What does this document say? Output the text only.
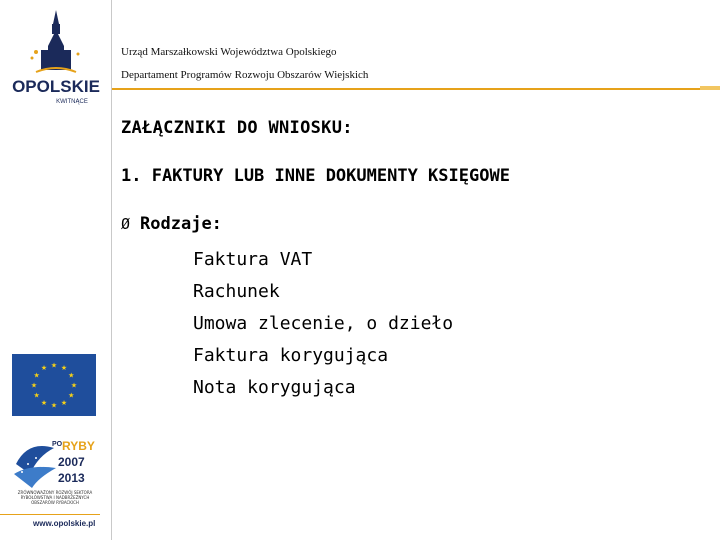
OPOLSKIE
KWITNĄCE
Urząd Marszałkowski Województwa Opolskiego
Departament Programów Rozwoju Obszarów Wiejskich
ZAŁĄCZNIKI DO WNIOSKU:
1. FAKTURY LUB INNE DOKUMENTY KSIĘGOWE
Ø Rodzaje:
Faktura VAT
Rachunek
Umowa zlecenie, o dzieło
Faktura korygująca
Nota korygująca
★ ★
★
★
★
★
★
★
★
★
★
★
PO RYBY
2007
2013
ZRÓWNOWAŻONY ROZWÓJ SEKTORA RYBOŁÓWSTWA I NADBRZEŻNYCH OBSZARÓW RYBACKICH
www.opolskie.pl
